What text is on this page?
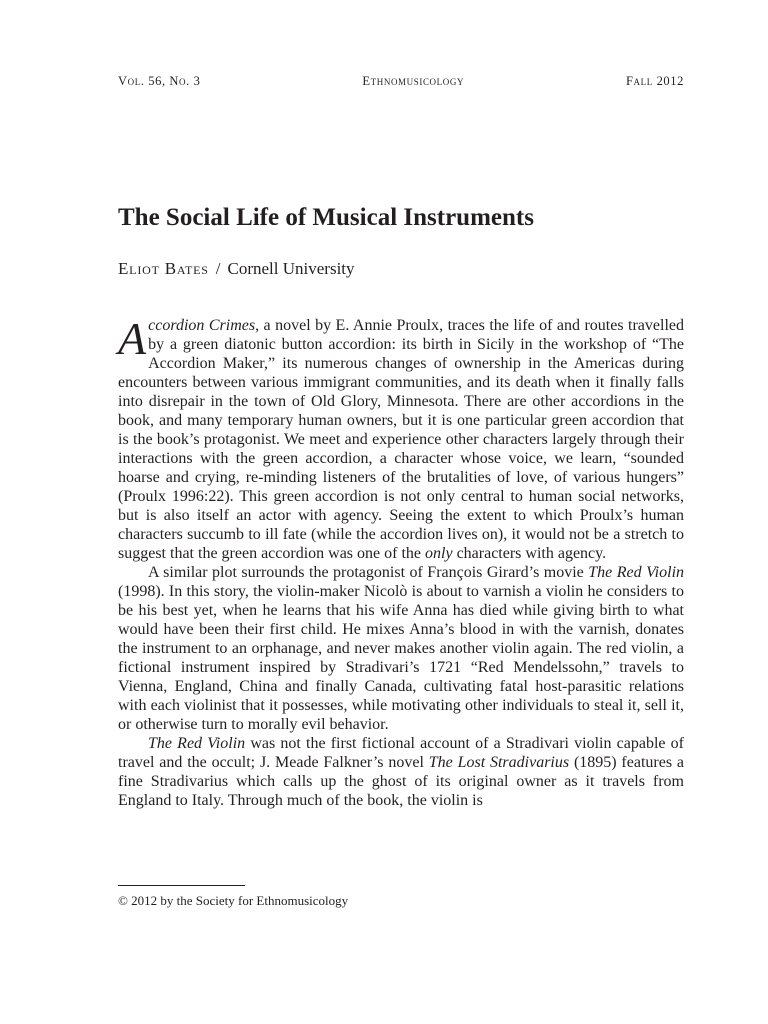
Vol. 56, No. 3	Ethnomusicology	Fall 2012
The Social Life of Musical Instruments
Eliot Bates / Cornell University

Accordion Crimes, a novel by E. Annie Proulx, traces the life of and routes travelled by a green diatonic button accordion: its birth in Sicily in the workshop of “The Accordion Maker,” its numerous changes of ownership in the Americas during encounters between various immigrant communities, and its death when it finally falls into disrepair in the town of Old Glory, Minnesota. There are other accordions in the book, and many temporary human owners, but it is one particular green accordion that is the book’s protagonist. We meet and experience other characters largely through their interactions with the green accordion, a character whose voice, we learn, “sounded hoarse and crying, re-minding listeners of the brutalities of love, of various hungers” (Proulx 1996:22). This green accordion is not only central to human social networks, but is also itself an actor with agency. Seeing the extent to which Proulx’s human characters succumb to ill fate (while the accordion lives on), it would not be a stretch to suggest that the green accordion was one of the only characters with agency.

A similar plot surrounds the protagonist of François Girard’s movie The Red Violin (1998). In this story, the violin-maker Nicolò is about to varnish a violin he considers to be his best yet, when he learns that his wife Anna has died while giving birth to what would have been their first child. He mixes Anna’s blood in with the varnish, donates the instrument to an orphanage, and never makes another violin again. The red violin, a fictional instrument inspired by Stradivari’s 1721 “Red Mendelssohn,” travels to Vienna, England, China and finally Canada, cultivating fatal host-parasitic relations with each violinist that it possesses, while motivating other individuals to steal it, sell it, or otherwise turn to morally evil behavior.

The Red Violin was not the first fictional account of a Stradivari violin capable of travel and the occult; J. Meade Falkner’s novel The Lost Stradivarius (1895) features a fine Stradivarius which calls up the ghost of its original owner as it travels from England to Italy. Through much of the book, the violin is

© 2012 by the Society for Ethnomusicology
